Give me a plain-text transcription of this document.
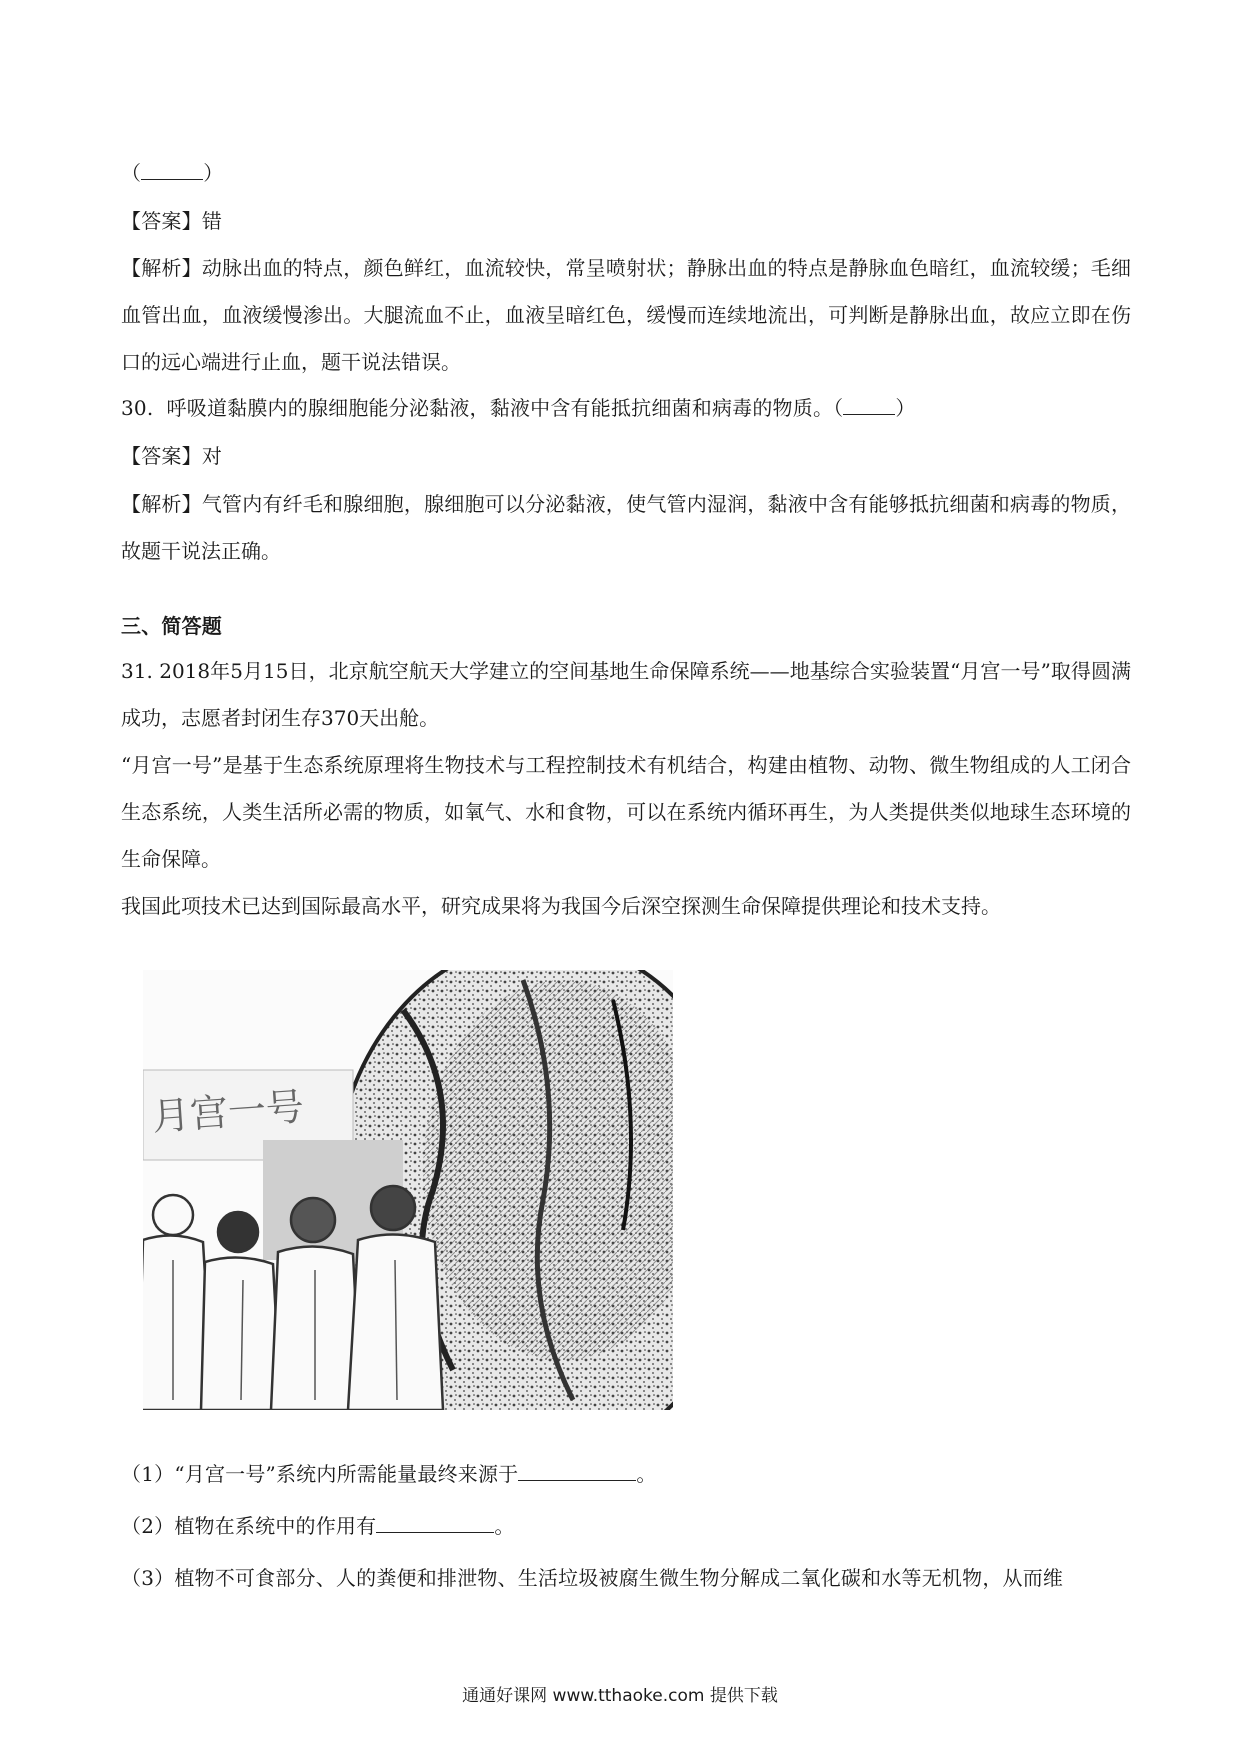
（	）
【答案】错
【解析】动脉出血的特点，颜色鲜红，血流较快，常呈喷射状；静脉出血的特点是静脉血色暗红，血流较缓；毛细血管出血，血液缓慢渗出。大腿流血不止，血液呈暗红色，缓慢而连续地流出，可判断是静脉出血，故应立即在伤口的远心端进行止血，题干说法错误。
30. 呼吸道黏膜内的腺细胞能分泌黏液，黏液中含有能抵抗细菌和病毒的物质。（	）
【答案】对
【解析】气管内有纤毛和腺细胞，腺细胞可以分泌黏液，使气管内湿润，黏液中含有能够抵抗细菌和病毒的物质，故题干说法正确。
三、简答题
31. 2018年5月15日，北京航空航天大学建立的空间基地生命保障系统——地基综合实验装置“月宫一号”取得圆满成功，志愿者封闭生存370天出舱。
“月宫一号”是基于生态系统原理将生物技术与工程控制技术有机结合，构建由植物、动物、微生物组成的人工闭合生态系统，人类生活所必需的物质，如氧气、水和食物，可以在系统内循环再生，为人类提供类似地球生态环境的生命保障。
我国此项技术已达到国际最高水平，研究成果将为我国今后深空探测生命保障提供理论和技术支持。
月宫一号
（1）“月宫一号”系统内所需能量最终来源于	。
（2）植物在系统中的作用有	。
（3）植物不可食部分、人的粪便和排泄物、生活垃圾被腐生微生物分解成二氧化碳和水等无机物，从而维
通通好课网 www.tthaoke.com 提供下载
